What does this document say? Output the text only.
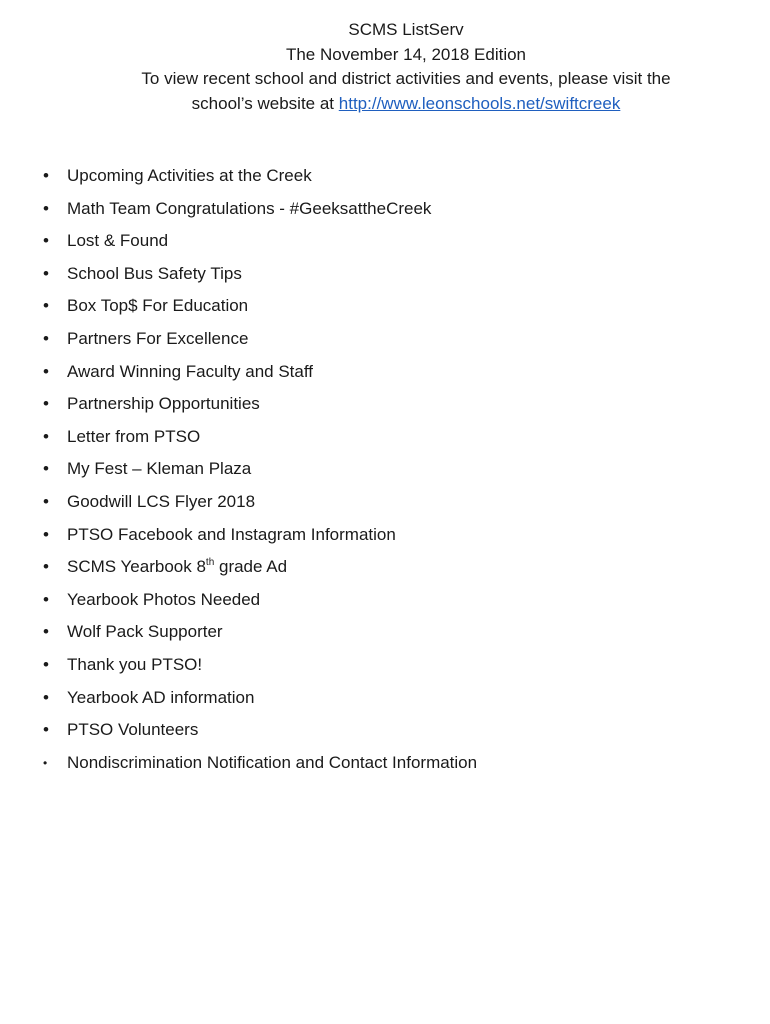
SCMS ListServ
The November 14, 2018 Edition
To view recent school and district activities and events, please visit the
school’s website at http://www.leonschools.net/swiftcreek
•	Upcoming Activities at the Creek
•	Math Team Congratulations - #GeeksattheCreek
•	Lost & Found
•	School Bus Safety Tips
•	Box Top$ For Education
•	Partners For Excellence
•	Award Winning Faculty and Staff
•	Partnership Opportunities
•	Letter from PTSO
•	My Fest – Kleman Plaza
•	Goodwill LCS Flyer 2018
•	PTSO Facebook and Instagram Information
•	SCMS Yearbook 8th grade Ad
•	Yearbook Photos Needed
•	Wolf Pack Supporter
•	Thank you PTSO!
•	Yearbook AD information
•	PTSO Volunteers
•	Nondiscrimination Notification and Contact Information
